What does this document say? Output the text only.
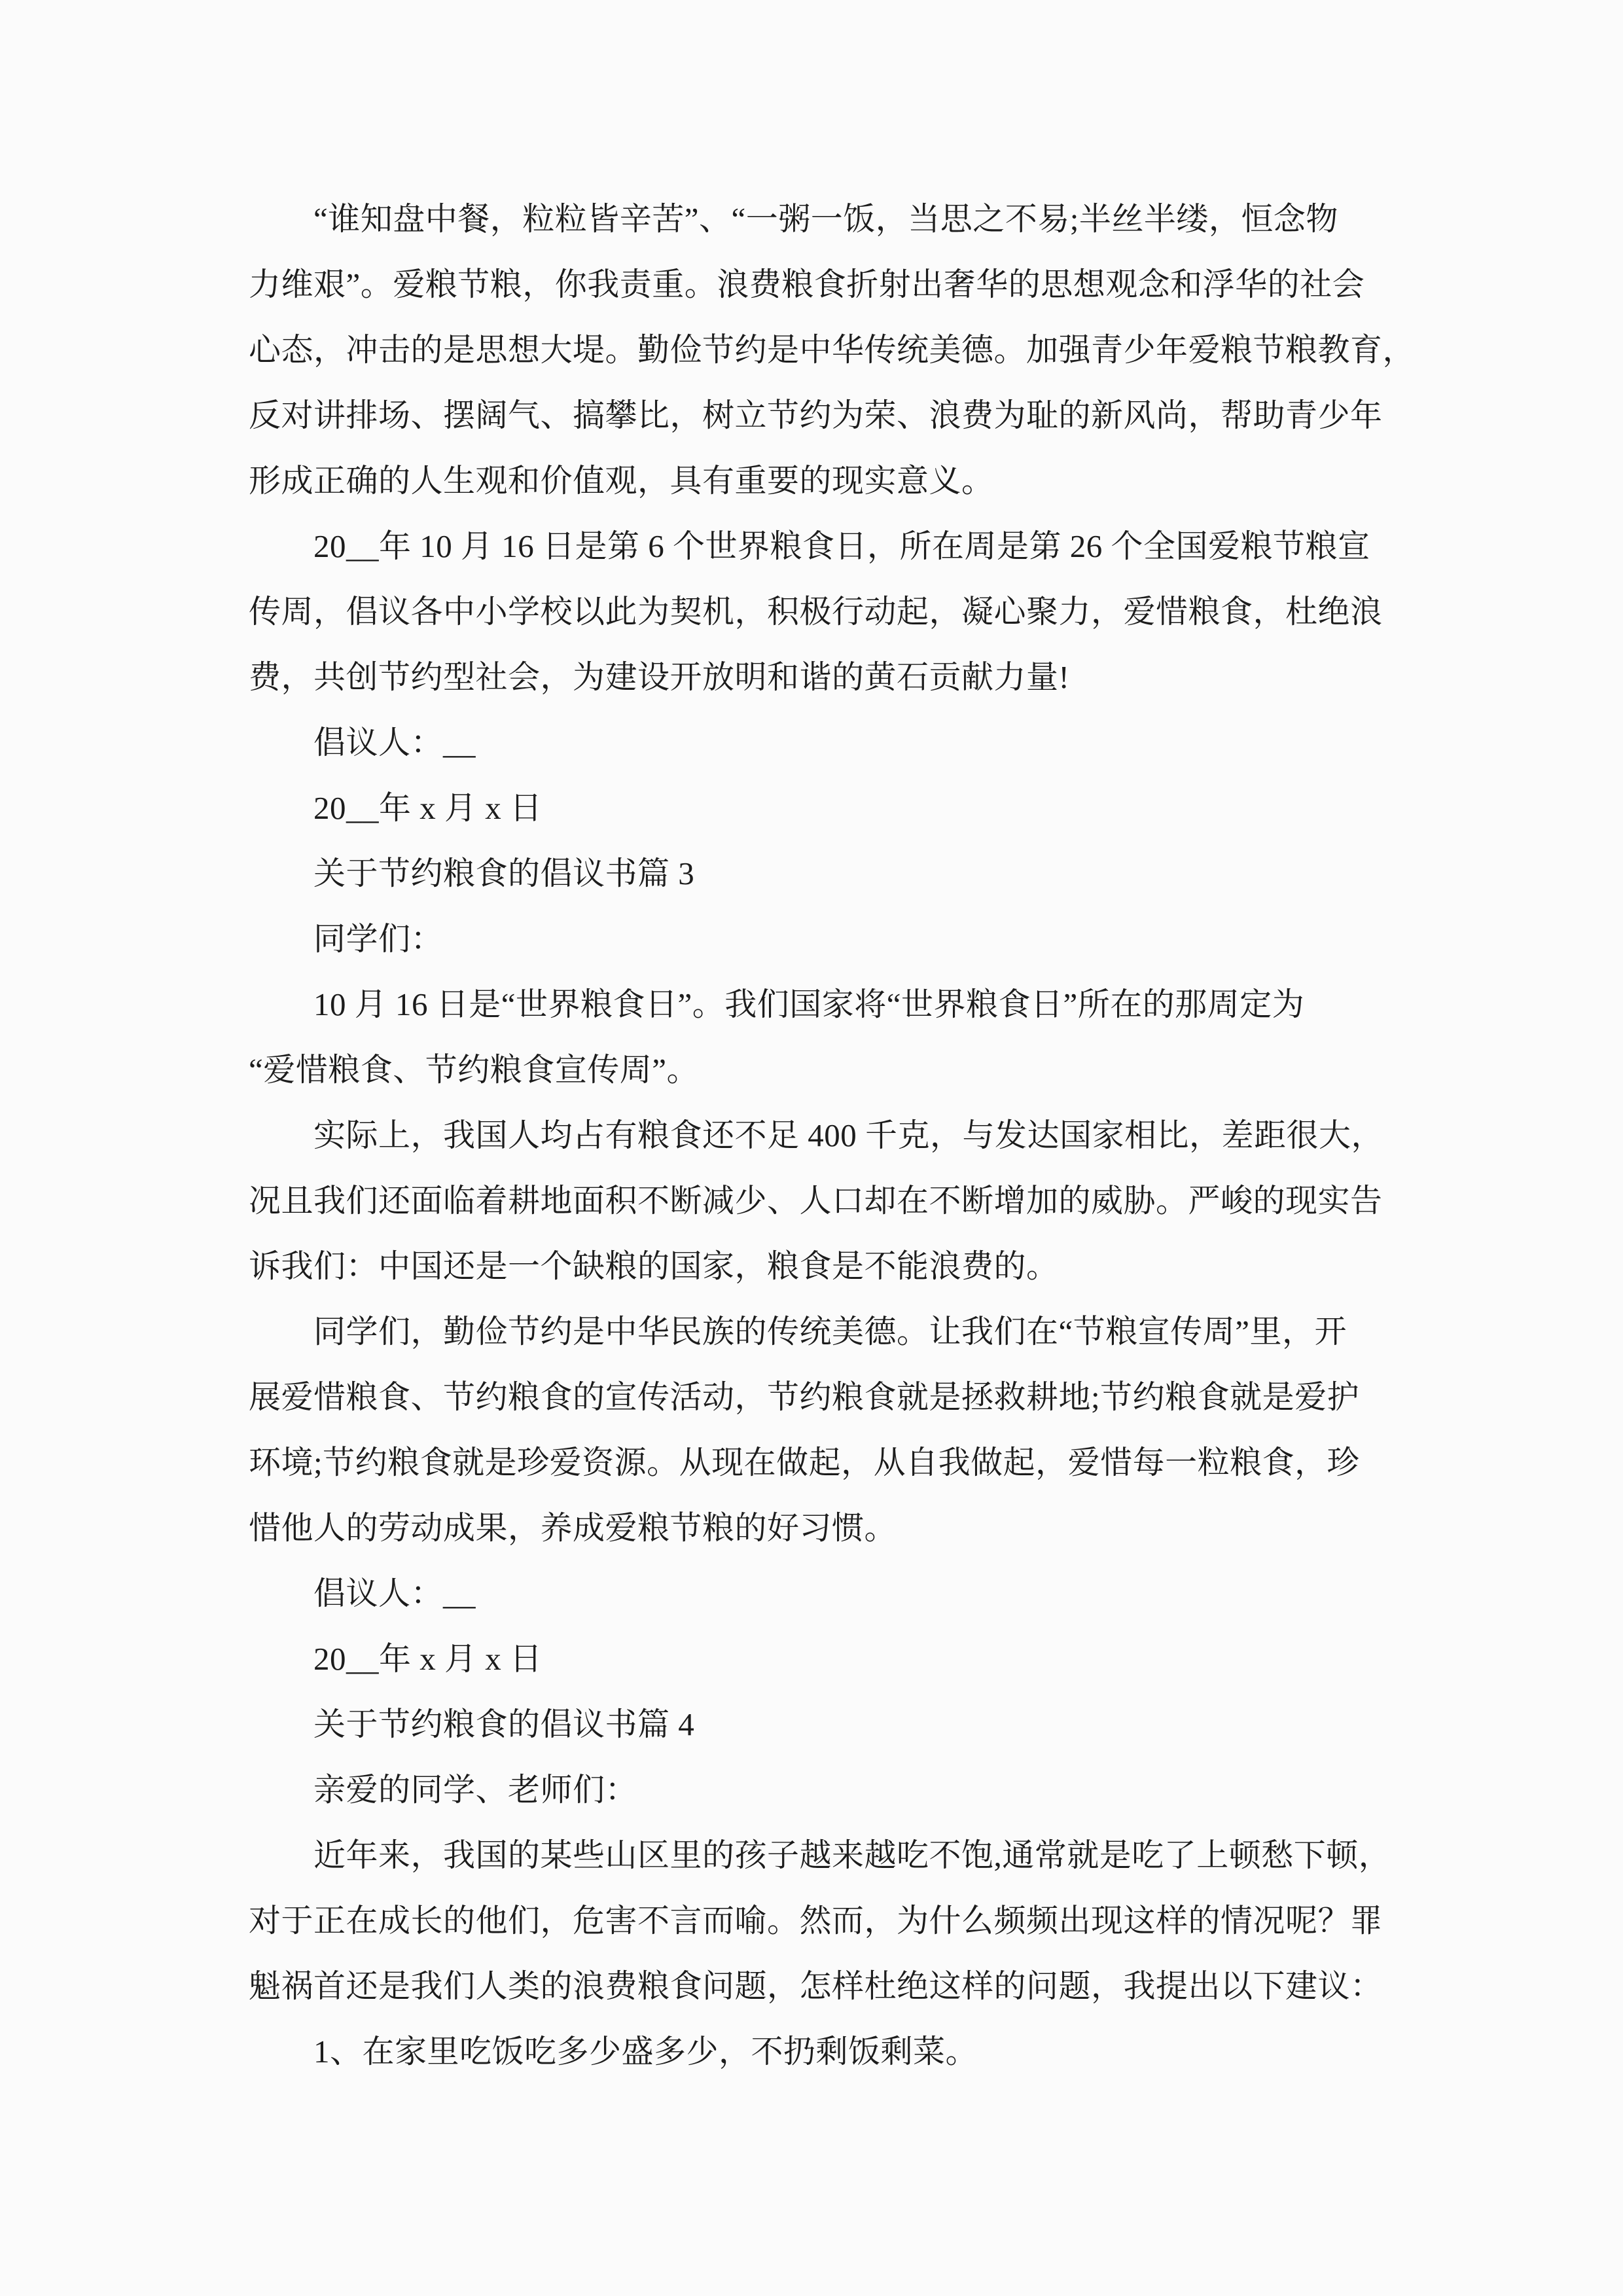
　　“谁知盘中餐，粒粒皆辛苦”、“一粥一饭，当思之不易;半丝半缕，恒念物
力维艰”。爱粮节粮，你我责重。浪费粮食折射出奢华的思想观念和浮华的社会
心态，冲击的是思想大堤。勤俭节约是中华传统美德。加强青少年爱粮节粮教育，
反对讲排场、摆阔气、搞攀比，树立节约为荣、浪费为耻的新风尚，帮助青少年
形成正确的人生观和价值观，具有重要的现实意义。
　　20__年 10 月 16 日是第 6 个世界粮食日，所在周是第 26 个全国爱粮节粮宣
传周，倡议各中小学校以此为契机，积极行动起，凝心聚力，爱惜粮食，杜绝浪
费，共创节约型社会，为建设开放明和谐的黄石贡献力量!
　　倡议人：__
　　20__年 x 月 x 日
　　关于节约粮食的倡议书篇 3
　　同学们：
　　10 月 16 日是“世界粮食日”。我们国家将“世界粮食日”所在的那周定为
“爱惜粮食、节约粮食宣传周”。
　　实际上，我国人均占有粮食还不足 400 千克，与发达国家相比，差距很大，
况且我们还面临着耕地面积不断减少、人口却在不断增加的威胁。严峻的现实告
诉我们：中国还是一个缺粮的国家，粮食是不能浪费的。
　　同学们，勤俭节约是中华民族的传统美德。让我们在“节粮宣传周”里，开
展爱惜粮食、节约粮食的宣传活动，节约粮食就是拯救耕地;节约粮食就是爱护
环境;节约粮食就是珍爱资源。从现在做起，从自我做起，爱惜每一粒粮食，珍
惜他人的劳动成果，养成爱粮节粮的好习惯。
　　倡议人：__
　　20__年 x 月 x 日
　　关于节约粮食的倡议书篇 4
　　亲爱的同学、老师们：
　　近年来，我国的某些山区里的孩子越来越吃不饱,通常就是吃了上顿愁下顿，
对于正在成长的他们，危害不言而喻。然而，为什么频频出现这样的情况呢？罪
魁祸首还是我们人类的浪费粮食问题，怎样杜绝这样的问题，我提出以下建议：
　　1、在家里吃饭吃多少盛多少，不扔剩饭剩菜。
